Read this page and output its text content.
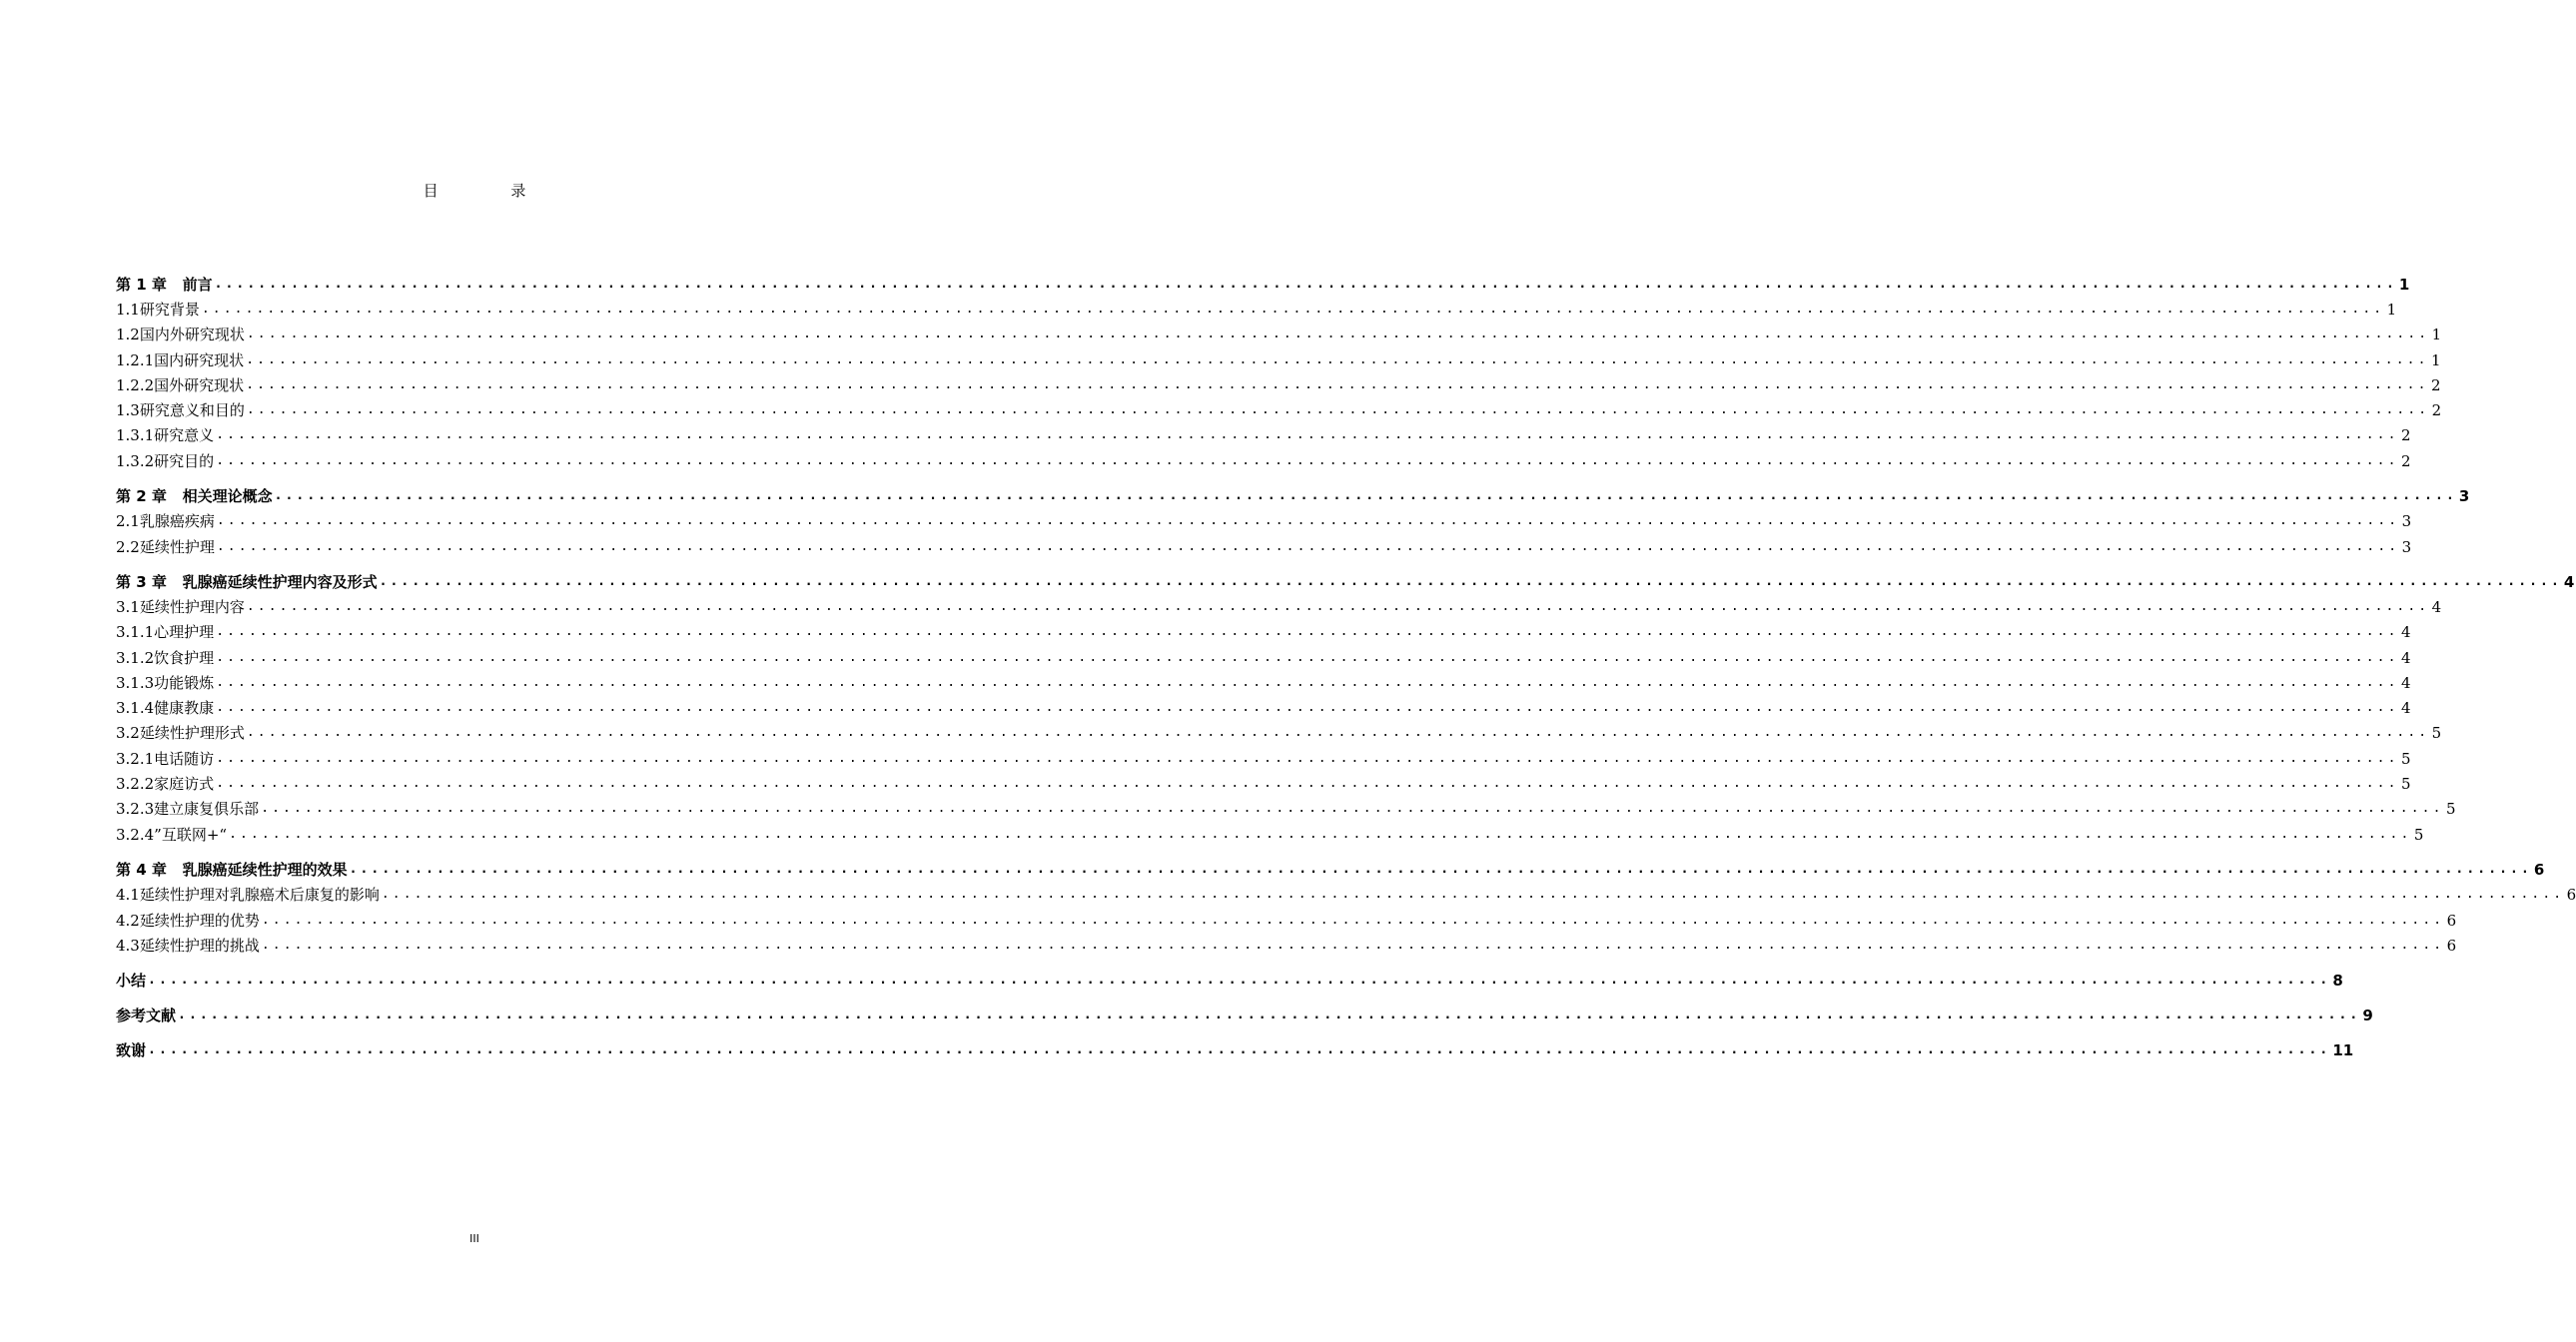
目 录
第 1 章 前言 ........................................................................................................................................................................................................ 1
1.1 研究背景 ........................................................................................................................................................................................................ 1
1.2 国内外研究现状 ........................................................................................................................................................................................................ 1
1.2.1 国内研究现状 ........................................................................................................................................................................................................ 1
1.2.2 国外研究现状 ........................................................................................................................................................................................................ 2
1.3 研究意义和目的 ........................................................................................................................................................................................................ 2
1.3.1 研究意义 ........................................................................................................................................................................................................ 2
1.3.2 研究目的 ........................................................................................................................................................................................................ 2
第 2 章 相关理论概念 ........................................................................................................................................................................................................ 3
2.1 乳腺癌疾病 ........................................................................................................................................................................................................ 3
2.2 延续性护理 ........................................................................................................................................................................................................ 3
第 3 章 乳腺癌延续性护理内容及形式 ........................................................................................................................................................................................................ 4
3.1 延续性护理内容 ........................................................................................................................................................................................................ 4
3.1.1 心理护理 ........................................................................................................................................................................................................ 4
3.1.2 饮食护理 ........................................................................................................................................................................................................ 4
3.1.3 功能锻炼 ........................................................................................................................................................................................................ 4
3.1.4 健康教康 ........................................................................................................................................................................................................ 4
3.2 延续性护理形式 ........................................................................................................................................................................................................ 5
3.2.1 电话随访 ........................................................................................................................................................................................................ 5
3.2.2 家庭访式 ........................................................................................................................................................................................................ 5
3.2.3 建立康复俱乐部 ........................................................................................................................................................................................................ 5
3.2.4 ”互联网+“ ........................................................................................................................................................................................................ 5
第 4 章 乳腺癌延续性护理的效果 ........................................................................................................................................................................................................ 6
4.1 延续性护理对乳腺癌术后康复的影响 ........................................................................................................................................................................................................ 6
4.2 延续性护理的优势 ........................................................................................................................................................................................................ 6
4.3 延续性护理的挑战 ........................................................................................................................................................................................................ 6
小结 ........................................................................................................................................................................................................ 8
参考文献 ........................................................................................................................................................................................................ 9
致谢 ........................................................................................................................................................................................................ 11
III
